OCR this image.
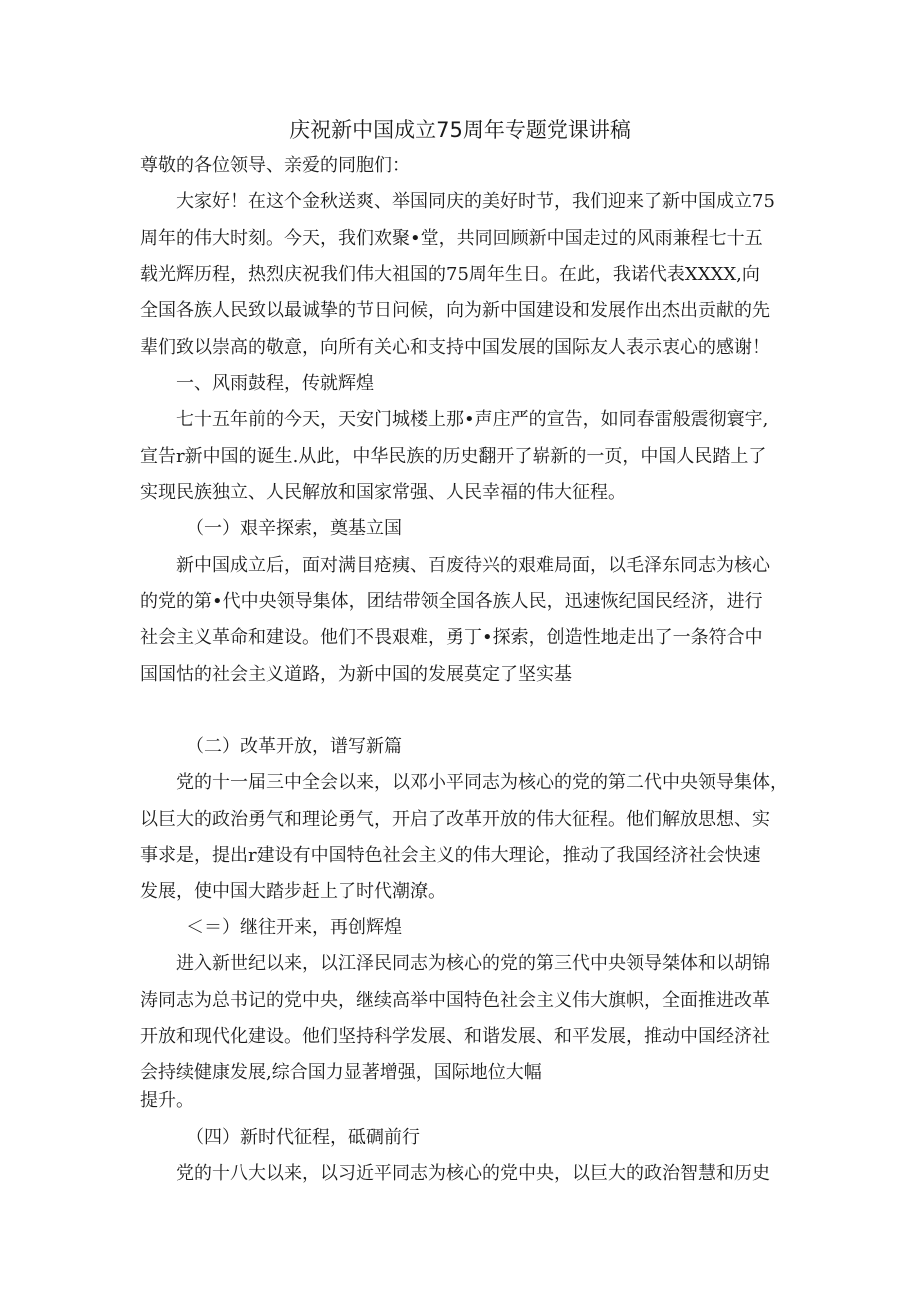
庆祝新中国成立75周年专题党课讲稿

尊敬的各位领导、亲爱的同胞们：

大家好！在这个金秋送爽、举国同庆的美好时节，我们迎来了新中国成立75

周年的伟大时刻。今天，我们欢聚•堂，共同回顾新中国走过的风雨兼程七十五

载光辉历程，热烈庆祝我们伟大祖国的75周年生日。在此，我诺代表XXXX,向

全国各族人民致以最诚挚的节日问候，向为新中国建设和发展作出杰出贡献的先

辈们致以崇高的敬意，向所有关心和支持中国发展的国际友人表示衷心的感谢！

一、风雨鼓程，传就辉煌

七十五年前的今天，天安门城楼上那•声庄严的宣告，如同春雷般震彻寰宇,

宣告r新中国的诞生.从此，中华民族的历史翻开了崭新的一页，中国人民踏上了

实现民族独立、人民解放和国家常强、人民幸福的伟大征程。

（一）艰辛探索，奠基立国

新中国成立后，面对满目疮痍、百废待兴的艰难局面，以毛泽东同志为核心

的党的第•代中央领导集体，团结带领全国各族人民，迅速恢纪国民经济，进行

社会主义革命和建设。他们不畏艰难，勇丁•探索，创造性地走出了一条符合中

国国怙的社会主义道路，为新中国的发展莫定了坚实基

（二）改革开放，谱写新篇

党的十一届三中全会以来，以邓小平同志为核心的党的第二代中央领导集体，

以巨大的政治勇气和理论勇气，开启了改革开放的伟大征程。他们解放思想、实

事求是，提出r建设有中国特色社会主义的伟大理论，推动了我国经济社会快速

发展，使中国大踏步赶上了时代潮潦。

＜＝）继往开来，再创辉煌

进入新世纪以来，以江泽民同志为核心的党的第三代中央领导桀体和以胡锦

涛同志为总书记的党中央，继续高举中国特色社会主义伟大旗帜，全面推进改革

开放和现代化建设。他们坚持科学发展、和谐发展、和平发展，推动中国经济社

会持续健康发展,综合国力显著增强，国际地位大幅

提升。

（四）新时代征程，砥碉前行

党的十八大以来，以习近平同志为核心的党中央，以巨大的政治智慧和历史
